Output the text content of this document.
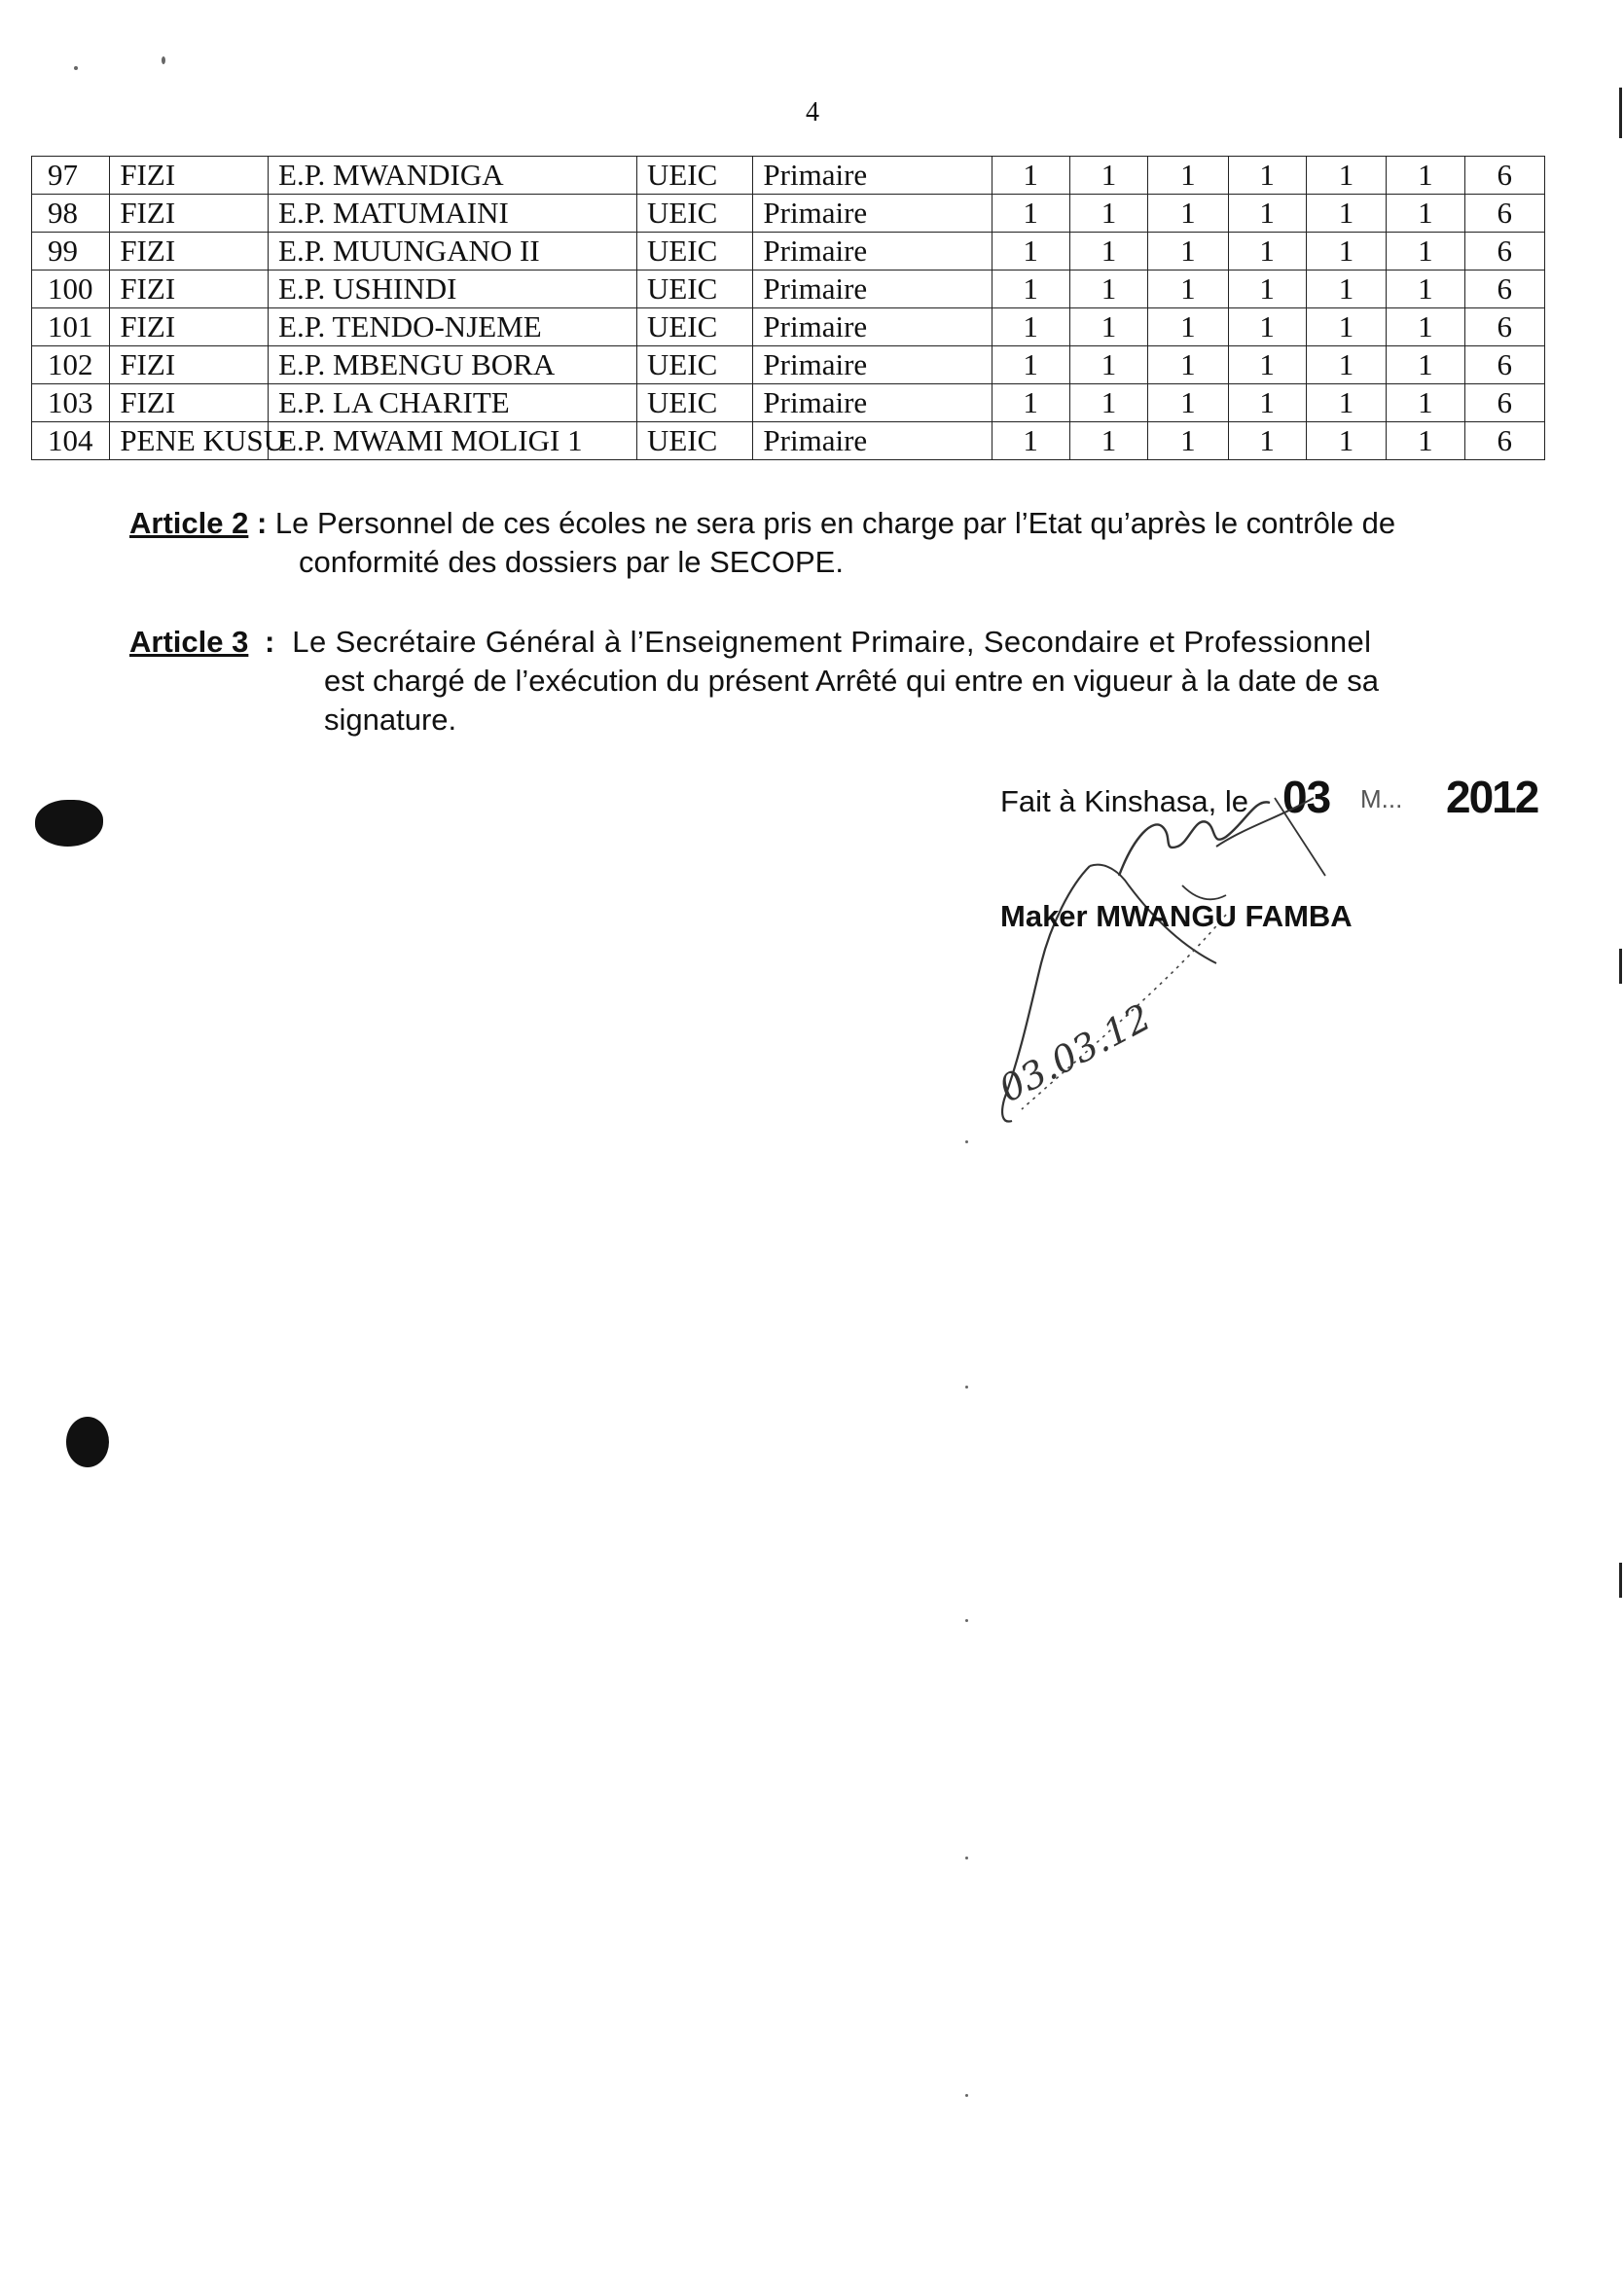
4
97	FIZI	E.P. MWANDIGA	UEIC	Primaire	1	1	1	1	1	1	6
98	FIZI	E.P. MATUMAINI	UEIC	Primaire	1	1	1	1	1	1	6
99	FIZI	E.P. MUUNGANO II	UEIC	Primaire	1	1	1	1	1	1	6
100	FIZI	E.P. USHINDI	UEIC	Primaire	1	1	1	1	1	1	6
101	FIZI	E.P. TENDO-NJEME	UEIC	Primaire	1	1	1	1	1	1	6
102	FIZI	E.P. MBENGU BORA	UEIC	Primaire	1	1	1	1	1	1	6
103	FIZI	E.P. LA CHARITE	UEIC	Primaire	1	1	1	1	1	1	6
104	PENE KUSU	E.P. MWAMI MOLIGI 1	UEIC	Primaire	1	1	1	1	1	1	6
Article 2 : Le Personnel de ces écoles ne sera pris en charge par l’Etat qu’après le contrôle de
conformité des dossiers par le SECOPE.
Article 3 : Le Secrétaire Général à l’Enseignement Primaire, Secondaire et Professionnel
est chargé de l’exécution du présent Arrêté qui entre en vigueur à la date de sa
signature.
Fait à Kinshasa, le 03 M... 2012
Maker MWANGU FAMBA
03.03.12
